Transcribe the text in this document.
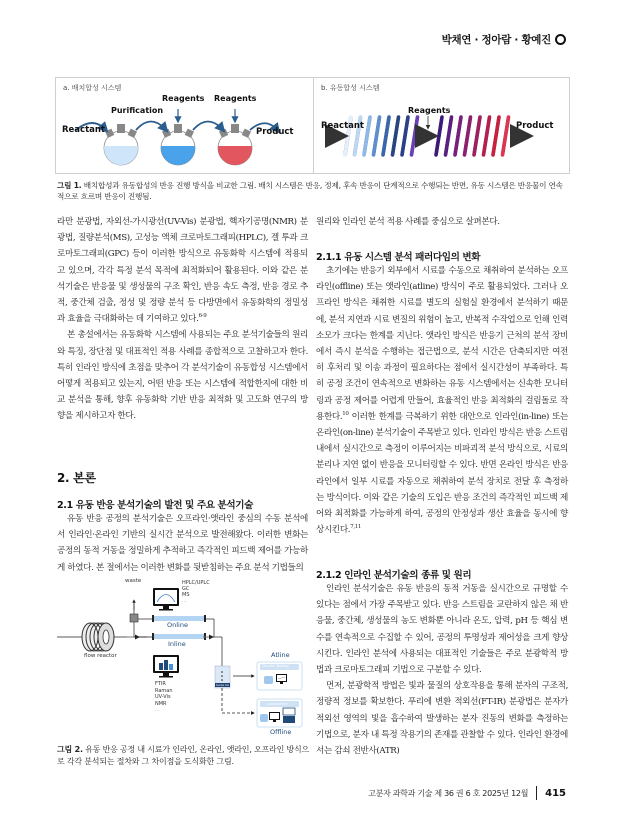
박채연 · 정아람 · 황예진
a. 배치합성 시스템	b. 유동합성 시스템
Reactant
Purification
Reagents Reagents
Product
Reactant
Reagents
Product
그림 1. 배치합성과 유동합성의 반응 진행 방식을 비교한 그림. 배치 시스템은 반응, 정제, 후속 반응이 단계적으로 수행되는 반면, 유동 시스템은 반응물이 연속적으로 흐르며 반응이 진행됨.

라만 분광법, 자외선-가시광선(UV-Vis) 분광법, 핵자기공명(NMR) 분광법, 질량분석(MS), 고성능 액체 크로마토그래피(HPLC), 겔 투과 크로마토그래피(GPC) 등이 이러한 방식으로 유동화학 시스템에 적용되고 있으며, 각각 특정 분석 목적에 최적화되어 활용된다. 이와 같은 분석기술은 반응물 및 생성물의 구조 확인, 반응 속도 측정, 반응 경로 추적, 중간체 검출, 정성 및 정량 분석 등 다방면에서 유동화학의 정밀성과 효율을 극대화하는 데 기여하고 있다.$^{6-9}$

본 총설에서는 유동화학 시스템에 사용되는 주요 분석기술들의 원리와 특징, 장단점 및 대표적인 적용 사례를 종합적으로 고찰하고자 한다. 특히 인라인 방식에 초점을 맞추어 각 분석기술이 유동합성 시스템에서 어떻게 적용되고 있는지, 어떤 반응 또는 시스템에 적합한지에 대한 비교 분석을 통해, 향후 유동화학 기반 반응 최적화 및 고도화 연구의 방향을 제시하고자 한다.

2. 본론
2.1 유동 반응 분석기술의 발전 및 주요 분석기술

유동 반응 공정의 분석기술은 오프라인·앳라인 중심의 수동 분석에서 인라인·온라인 기반의 실시간 분석으로 발전해왔다. 이러한 변화는 공정의 동적 거동을 정밀하게 추적하고 즉각적인 피드백 제어를 가능하게 하였다. 본 절에서는 이러한 변화를 뒷받침하는 주요 분석 기법들의

waste	HPLC/UPLC
GC
MS
...
Online
Inline
flow reactor
FTIR
Raman
UV-Vis
NMR
...
Atline
On-site Testing
Laboratory
Offline
Sample Vial
그림 2. 유동 반응 공정 내 시료가 인라인, 온라인, 앳라인, 오프라인 방식으로 각각 분석되는 절차와 그 차이점을 도식화한 그림.

원리와 인라인 분석 적용 사례를 중심으로 살펴본다.

2.1.1 유동 시스템 분석 패러다임의 변화

초기에는 반응기 외부에서 시료를 수동으로 채취하여 분석하는 오프라인(offline) 또는 앳라인(atline) 방식이 주로 활용되었다. 그러나 오프라인 방식은 채취한 시료를 별도의 실험실 환경에서 분석하기 때문에, 분석 지연과 시료 변질의 위험이 높고, 반복적 수작업으로 인해 인력 소모가 크다는 한계를 지닌다. 앳라인 방식은 반응기 근처의 분석 장비에서 즉시 분석을 수행하는 접근법으로, 분석 시간은 단축되지만 여전히 후처리 및 이송 과정이 필요하다는 점에서 실시간성이 부족하다. 특히 공정 조건이 연속적으로 변화하는 유동 시스템에서는 신속한 모니터링과 공정 제어를 어렵게 만들어, 효율적인 반응 최적화의 걸림돌로 작용한다.$^{10}$ 이러한 한계를 극복하기 위한 대안으로 인라인(in-line) 또는 온라인(on-line) 분석기술이 주목받고 있다. 인라인 방식은 반응 스트림 내에서 실시간으로 측정이 이루어지는 비파괴적 분석 방식으로, 시료의 분리나 지연 없이 반응을 모니터링할 수 있다. 반면 온라인 방식은 반응 라인에서 일부 시료를 자동으로 채취하여 분석 장치로 전달 후 측정하는 방식이다. 이와 같은 기술의 도입은 반응 조건의 즉각적인 피드백 제어와 최적화를 가능하게 하여, 공정의 안정성과 생산 효율을 동시에 향상시킨다.$^{7,11}$

2.1.2 인라인 분석기술의 종류 및 원리

인라인 분석기술은 유동 반응의 동적 거동을 실시간으로 규명할 수 있다는 점에서 가장 주목받고 있다. 반응 스트림을 교란하지 않은 채 반응물, 중간체, 생성물의 농도 변화뿐 아니라 온도, 압력, pH 등 핵심 변수를 연속적으로 수집할 수 있어, 공정의 투명성과 제어성을 크게 향상시킨다. 인라인 분석에 사용되는 대표적인 기술들은 주로 분광학적 방법과 크로마토그래피 기법으로 구분할 수 있다.

먼저, 분광학적 방법은 빛과 물질의 상호작용을 통해 분자의 구조적, 정량적 정보를 확보한다. 푸리에 변환 적외선(FT-IR) 분광법은 분자가 적외선 영역의 빛을 흡수하여 발생하는 분자 진동의 변화를 측정하는 기법으로, 분자 내 특정 작용기의 존재를 관찰할 수 있다. 인라인 환경에서는 감쇠 전반사(ATR)

고분자 과학과 기술 제 36 권 6 호 2025년 12월 415
